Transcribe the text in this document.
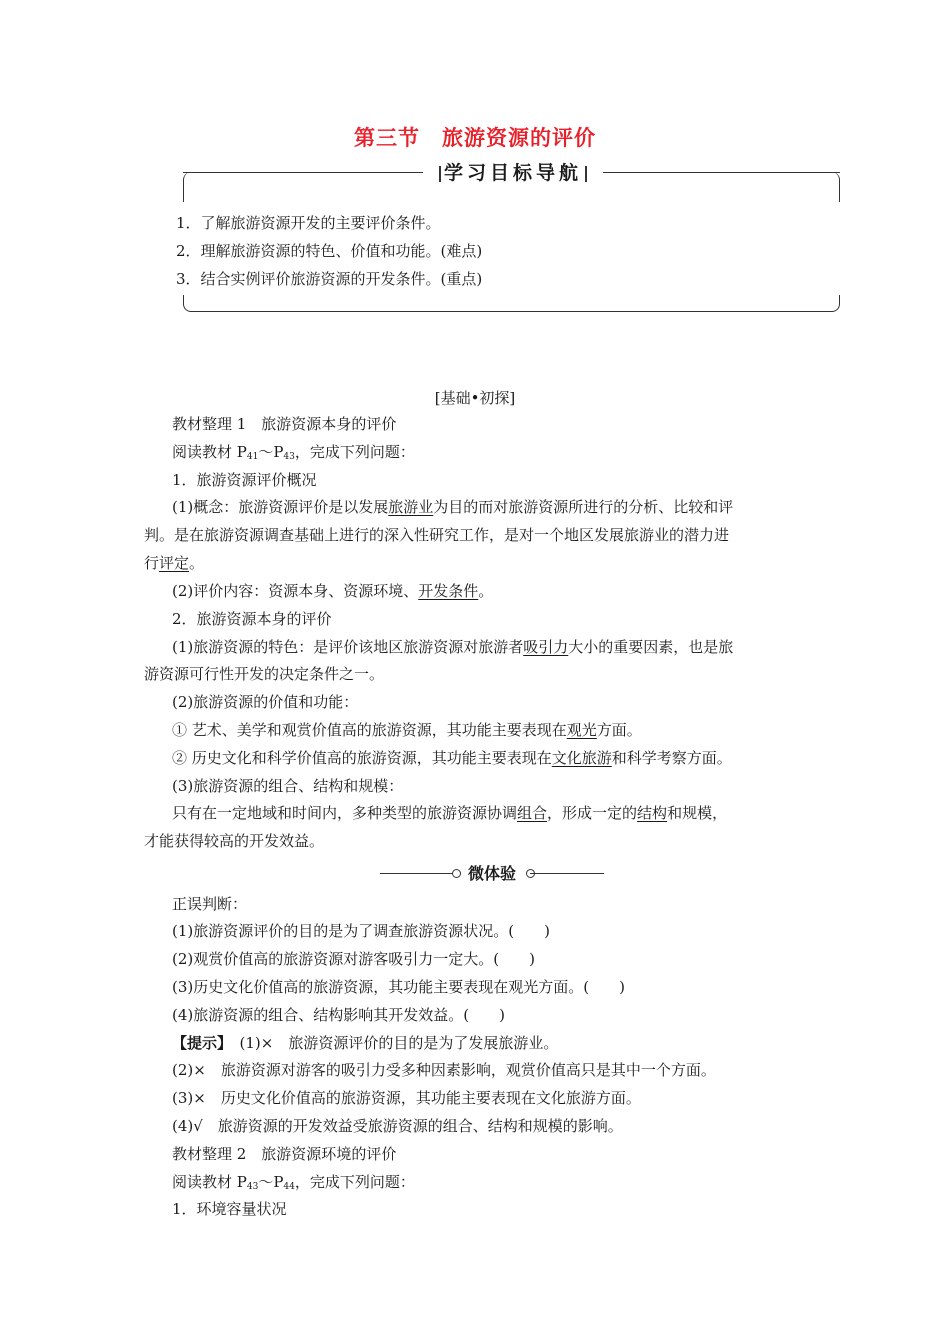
第三节　旅游资源的评价
学习目标导航
1．了解旅游资源开发的主要评价条件。
2．理解旅游资源的特色、价值和功能。(难点)
3．结合实例评价旅游资源的开发条件。(重点)
[基础•初探]
教材整理 1　旅游资源本身的评价
阅读教材 $P_{41}\sim P_{43}$，完成下列问题：
1．旅游资源评价概况
(1)概念：旅游资源评价是以发展旅游业为目的而对旅游资源所进行的分析、比较和评
判。是在旅游资源调查基础上进行的深入性研究工作，是对一个地区发展旅游业的潜力进
行评定。
(2)评价内容：资源本身、资源环境、开发条件。
2．旅游资源本身的评价
(1)旅游资源的特色：是评价该地区旅游资源对旅游者吸引力大小的重要因素，也是旅
游资源可行性开发的决定条件之一。
(2)旅游资源的价值和功能：
① 艺术、美学和观赏价值高的旅游资源，其功能主要表现在观光方面。
② 历史文化和科学价值高的旅游资源，其功能主要表现在文化旅游和科学考察方面。
(3)旅游资源的组合、结构和规模：
只有在一定地域和时间内，多种类型的旅游资源协调组合，形成一定的结构和规模，
才能获得较高的开发效益。
微体验
正误判断：
(1)旅游资源评价的目的是为了调查旅游资源状况。(　　)
(2)观赏价值高的旅游资源对游客吸引力一定大。(　　)
(3)历史文化价值高的旅游资源，其功能主要表现在观光方面。(　　)
(4)旅游资源的组合、结构影响其开发效益。(　　)
【提示】　(1)×　旅游资源评价的目的是为了发展旅游业。
(2)×　旅游资源对游客的吸引力受多种因素影响，观赏价值高只是其中一个方面。
(3)×　历史文化价值高的旅游资源，其功能主要表现在文化旅游方面。
(4)√　旅游资源的开发效益受旅游资源的组合、结构和规模的影响。
教材整理 2　旅游资源环境的评价
阅读教材 $P_{43}\sim P_{44}$，完成下列问题：
1．环境容量状况
